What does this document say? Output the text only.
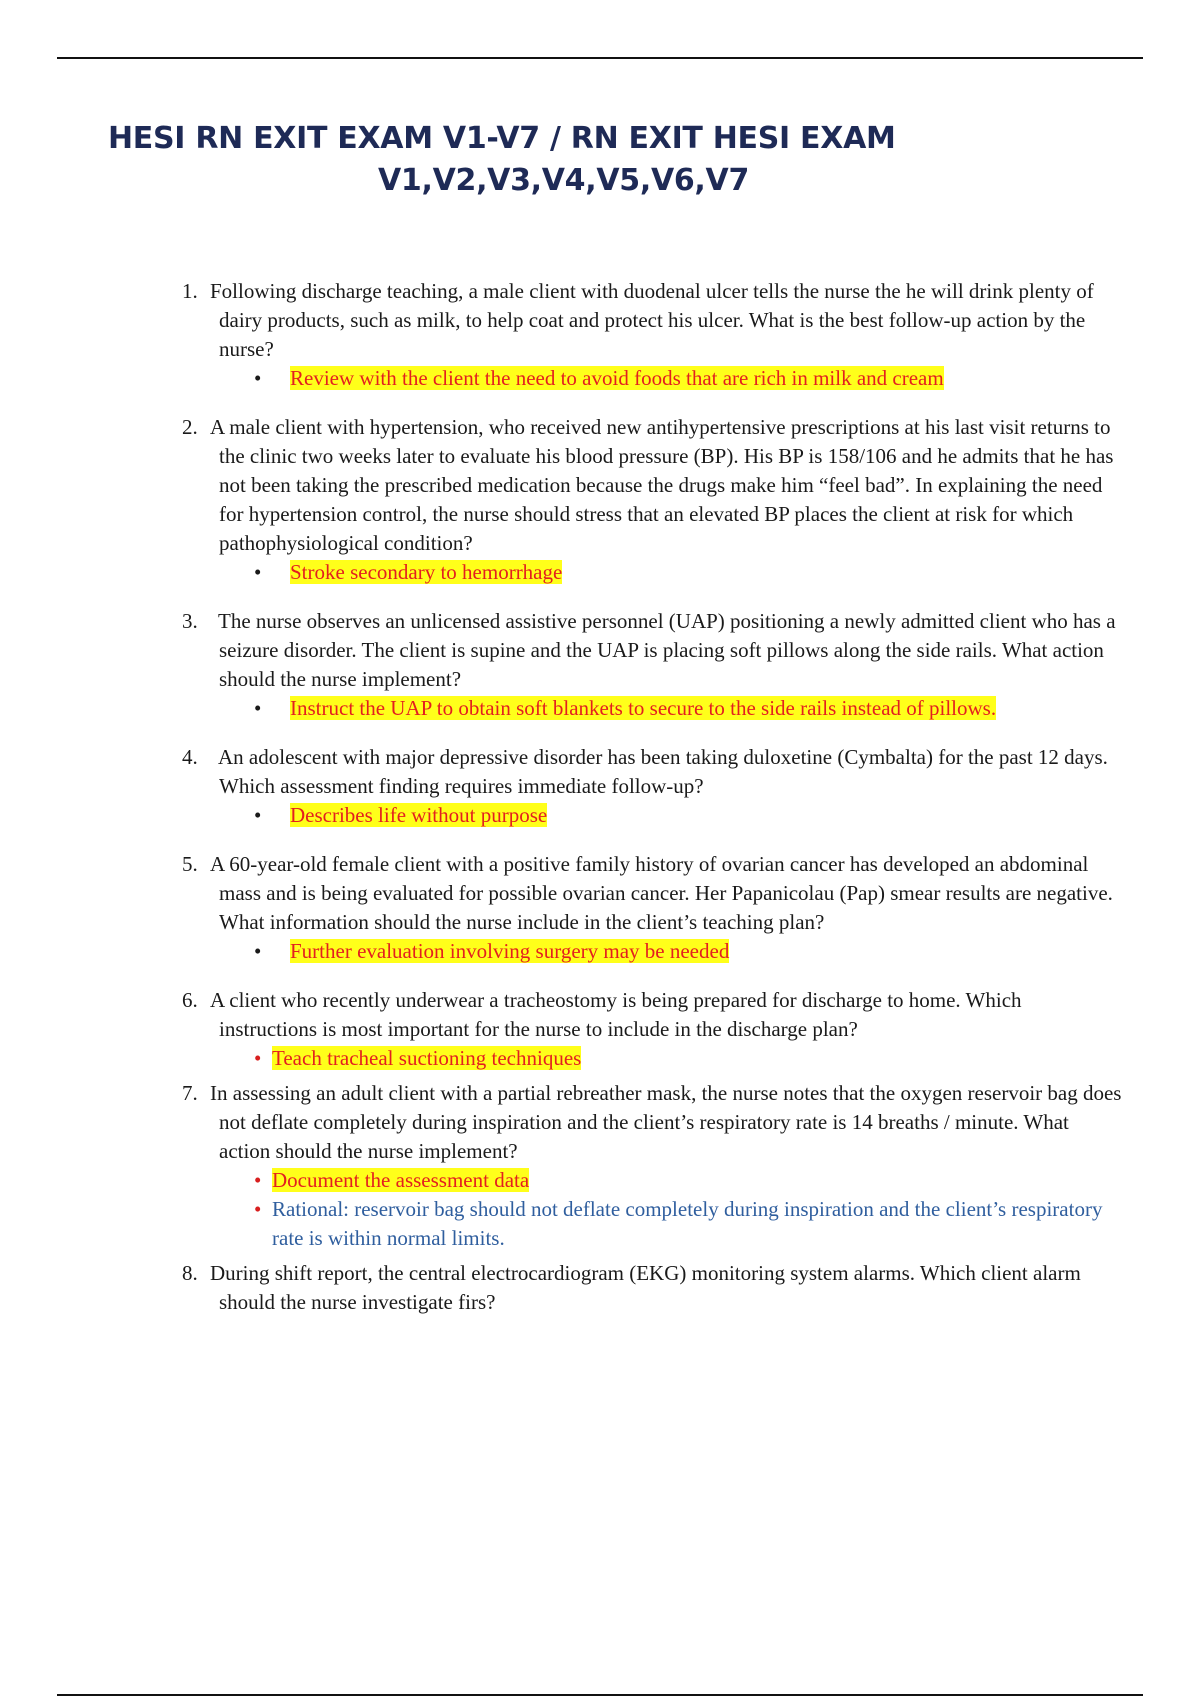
HESI RN EXIT EXAM V1-V7 / RN EXIT HESI EXAM
V1,V2,V3,V4,V5,V6,V7
1. Following discharge teaching, a male client with duodenal ulcer tells the nurse the he will drink plenty of dairy products, such as milk, to help coat and protect his ulcer. What is the best follow-up action by the nurse?
• Review with the client the need to avoid foods that are rich in milk and cream
2. A male client with hypertension, who received new antihypertensive prescriptions at his last visit returns to the clinic two weeks later to evaluate his blood pressure (BP). His BP is 158/106 and he admits that he has not been taking the prescribed medication because the drugs make him “feel bad”. In explaining the need for hypertension control, the nurse should stress that an elevated BP places the client at risk for which pathophysiological condition?
• Stroke secondary to hemorrhage
3. The nurse observes an unlicensed assistive personnel (UAP) positioning a newly admitted client who has a seizure disorder. The client is supine and the UAP is placing soft pillows along the side rails. What action should the nurse implement?
• Instruct the UAP to obtain soft blankets to secure to the side rails instead of pillows.
4. An adolescent with major depressive disorder has been taking duloxetine (Cymbalta) for the past 12 days. Which assessment finding requires immediate follow-up?
• Describes life without purpose
5. A 60-year-old female client with a positive family history of ovarian cancer has developed an abdominal mass and is being evaluated for possible ovarian cancer. Her Papanicolau (Pap) smear results are negative. What information should the nurse include in the client’s teaching plan?
• Further evaluation involving surgery may be needed
6. A client who recently underwear a tracheostomy is being prepared for discharge to home. Which instructions is most important for the nurse to include in the discharge plan?
• Teach tracheal suctioning techniques
7. In assessing an adult client with a partial rebreather mask, the nurse notes that the oxygen reservoir bag does not deflate completely during inspiration and the client’s respiratory rate is 14 breaths / minute. What action should the nurse implement?
• Document the assessment data
• Rational: reservoir bag should not deflate completely during inspiration and the client’s respiratory rate is within normal limits.
8. During shift report, the central electrocardiogram (EKG) monitoring system alarms. Which client alarm should the nurse investigate firs?
